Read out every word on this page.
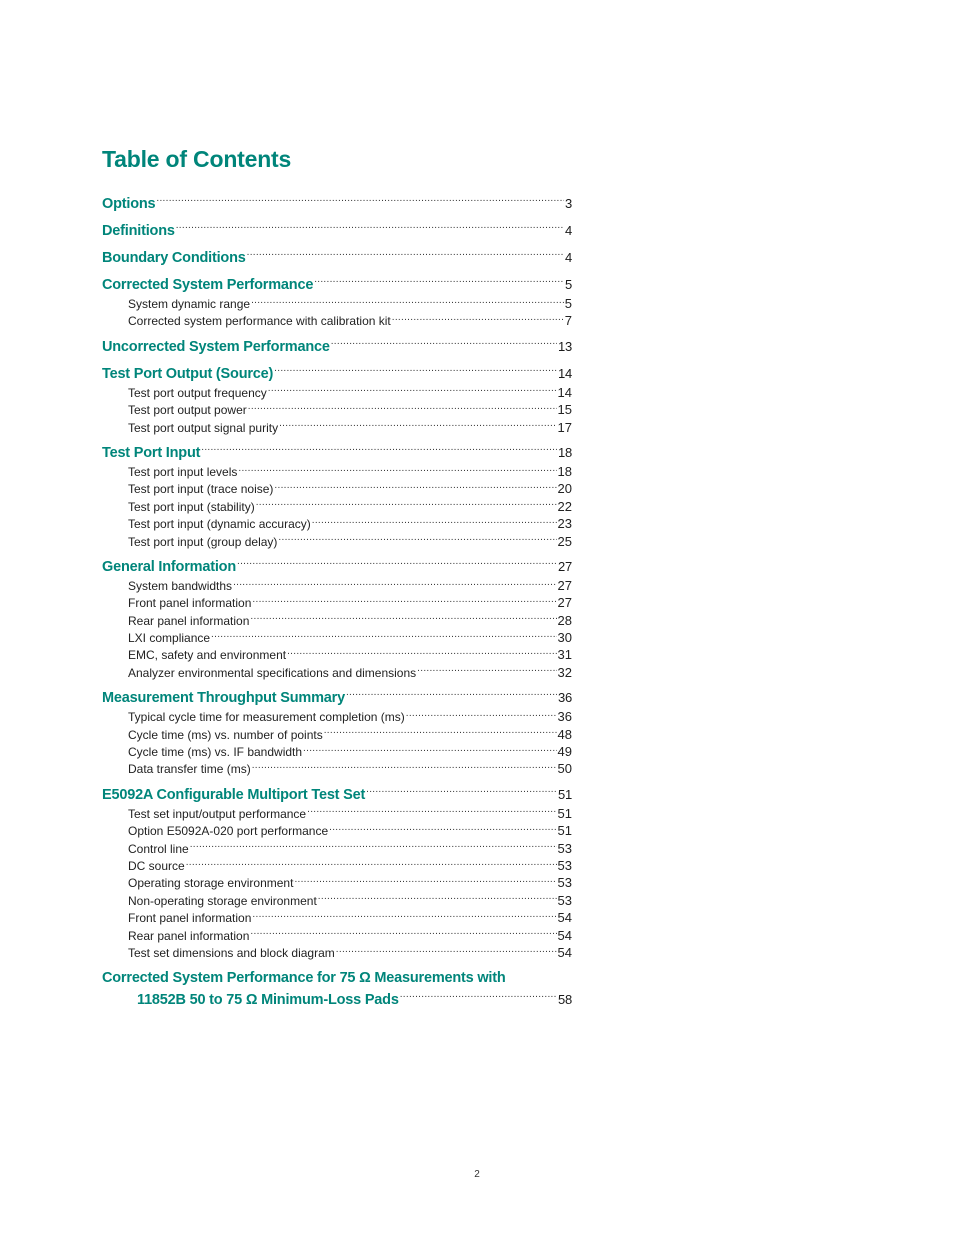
Table of Contents
Options .....	3
Definitions .....	4
Boundary Conditions .....	4
Corrected System Performance .....	5
System dynamic range .....	5
Corrected system performance with calibration kit .....	7
Uncorrected System Performance .....	13
Test Port Output (Source) .....	14
Test port output frequency .....	14
Test port output power .....	15
Test port output signal purity .....	17
Test Port Input .....	18
Test port input levels .....	18
Test port input (trace noise) .....	20
Test port input (stability) .....	22
Test port input (dynamic accuracy) .....	23
Test port input (group delay) .....	25
General Information .....	27
System bandwidths .....	27
Front panel information .....	27
Rear panel information .....	28
LXI compliance .....	30
EMC, safety and environment .....	31
Analyzer environmental specifications and dimensions .....	32
Measurement Throughput Summary .....	36
Typical cycle time for measurement completion (ms) .....	36
Cycle time (ms) vs. number of points .....	48
Cycle time (ms) vs. IF bandwidth .....	49
Data transfer time (ms) .....	50
E5092A Configurable Multiport Test Set .....	51
Test set input/output performance .....	51
Option E5092A-020 port performance .....	51
Control line .....	53
DC source .....	53
Operating storage environment .....	53
Non-operating storage environment .....	53
Front panel information .....	54
Rear panel information .....	54
Test set dimensions and block diagram .....	54
Corrected System Performance for 75 Ω Measurements with
11852B 50 to 75 Ω Minimum-Loss Pads .....	58
2
